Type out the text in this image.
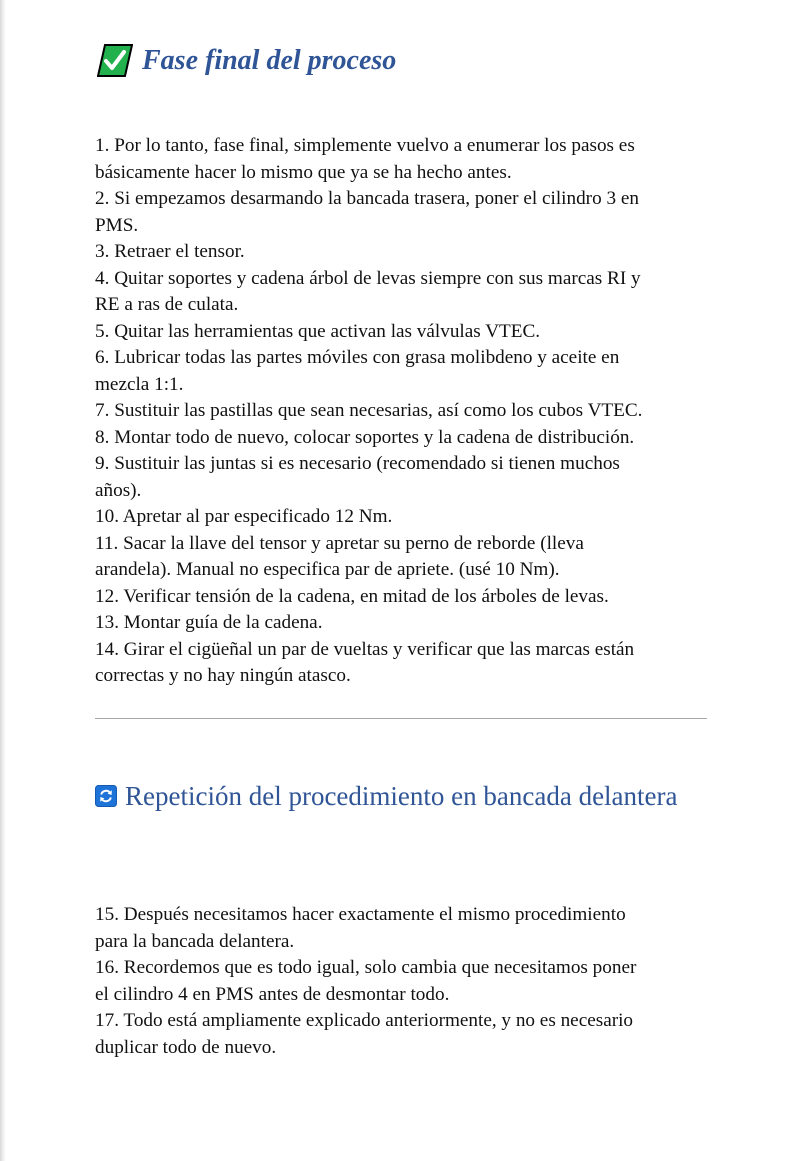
Fase final del proceso
1. Por lo tanto, fase final, simplemente vuelvo a enumerar los pasos es
básicamente hacer lo mismo que ya se ha hecho antes.
2. Si empezamos desarmando la bancada trasera, poner el cilindro 3 en
PMS.
3. Retraer el tensor.
4. Quitar soportes y cadena árbol de levas siempre con sus marcas RI y
RE a ras de culata.
5. Quitar las herramientas que activan las válvulas VTEC.
6. Lubricar todas las partes móviles con grasa molibdeno y aceite en
mezcla 1:1.
7. Sustituir las pastillas que sean necesarias, así como los cubos VTEC.
8. Montar todo de nuevo, colocar soportes y la cadena de distribución.
9. Sustituir las juntas si es necesario (recomendado si tienen muchos
años).
10. Apretar al par especificado 12 Nm.
11. Sacar la llave del tensor y apretar su perno de reborde (lleva
arandela). Manual no especifica par de apriete. (usé 10 Nm).
12. Verificar tensión de la cadena, en mitad de los árboles de levas.
13. Montar guía de la cadena.
14. Girar el cigüeñal un par de vueltas y verificar que las marcas están
correctas y no hay ningún atasco.
Repetición del procedimiento en bancada delantera
15. Después necesitamos hacer exactamente el mismo procedimiento
para la bancada delantera.
16. Recordemos que es todo igual, solo cambia que necesitamos poner
el cilindro 4 en PMS antes de desmontar todo.
17. Todo está ampliamente explicado anteriormente, y no es necesario
duplicar todo de nuevo.
